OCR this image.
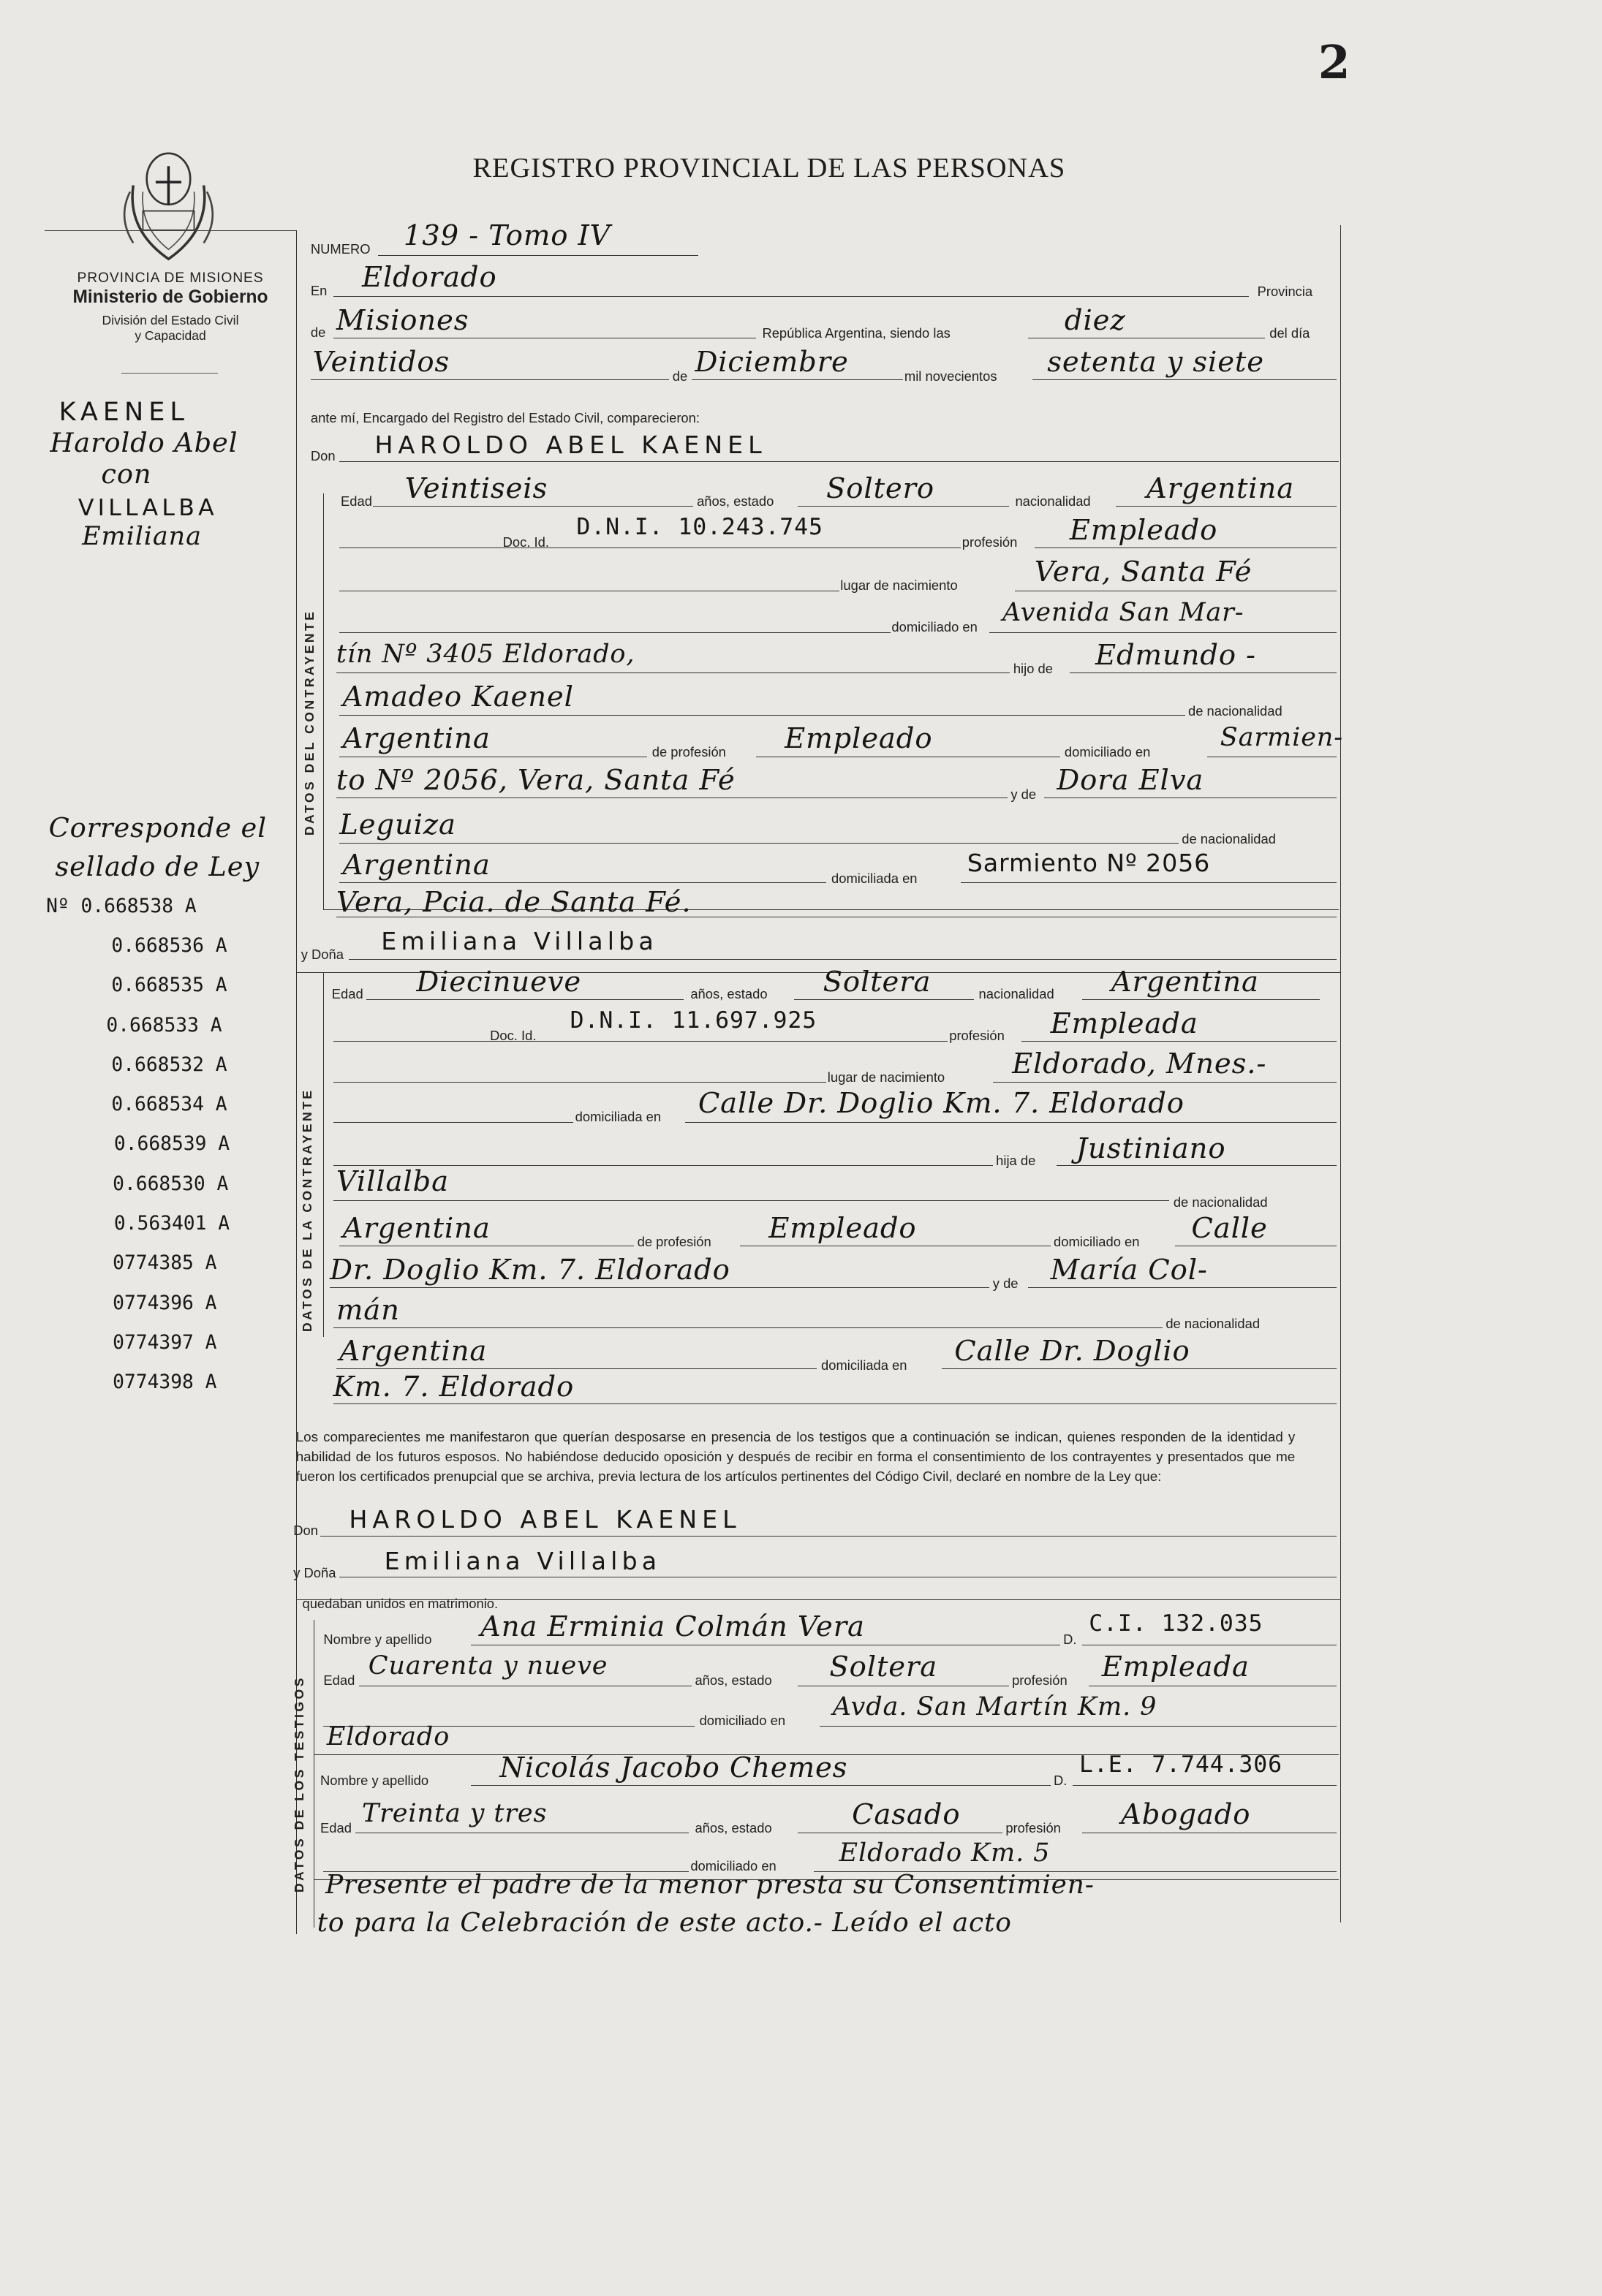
2
REGISTRO PROVINCIAL DE LAS PERSONAS
PROVINCIA DE MISIONES
Ministerio de Gobierno
División del Estado Civil
y Capacidad
KAENEL
Haroldo Abel
con
VILLALBA
Emiliana
Corresponde el
sellado de Ley
Nº 0.668538 A
0.668536 A
0.668535 A
0.668533 A
0.668532 A
0.668534 A
0.668539 A
0.668530 A
0.563401 A
0774385 A
0774396 A
0774397 A
0774398 A
DATOS DEL CONTRAYENTE
DATOS DE LA CONTRAYENTE
DATOS DE LOS TESTIGOS
NUMERO 139 - Tomo IV
En Eldorado	Provincia
de Misiones	República Argentina, siendo las	diez	del día
Veintidos	de Diciembre	mil novecientos setenta y siete
ante mí, Encargado del Registro del Estado Civil, comparecieron:
Don HAROLDO ABEL KAENEL
Edad Veintiseis	años, estado Soltero	nacionalidad Argentina
Doc. Id.
D.N.I. 10.243.745
profesión Empleado
lugar de nacimiento Vera, Santa Fé
domiciliado en Avenida San Mar-
tín Nº 3405 Eldorado,	hijo de Edmundo -
Amadeo Kaenel	de nacionalidad
Argentina	de profesión Empleado	domiciliado en Sarmien-
to Nº 2056, Vera, Santa Fé	y de Dora Elva
Leguiza	de nacionalidad
Argentina	domiciliada en
Sarmiento Nº 2056
Vera, Pcia. de Santa Fé.
y Doña Emiliana Villalba
Edad Diecinueve	años, estado Soltera	nacionalidad Argentina
Doc. Id.
D.N.I. 11.697.925
profesión Empleada
lugar de nacimiento Eldorado, Mnes.-
domiciliada en Calle Dr. Doglio Km. 7. Eldorado
hija de Justiniano
Villalba
de nacionalidad
Argentina	de profesión Empleado	domiciliado en Calle
Dr. Doglio Km. 7. Eldorado	y de María Col-
mán	de nacionalidad
Argentina	domiciliada en Calle Dr. Doglio
Km. 7. Eldorado
Los comparecientes me manifestaron que querían desposarse en presencia de los testigos que a continuación se indican, quienes responden de la identidad y habilidad de los futuros esposos. No habiéndose deducido oposición y después de recibir en forma el consentimiento de los contrayentes y presentados que me fueron los certificados prenupcial que se archiva, previa lectura de los artículos pertinentes del Código Civil, declaré en nombre de la Ley que:
Don HAROLDO ABEL KAENEL
y Doña Emiliana Villalba
quedaban unidos en matrimonio.
Nombre y apellido Ana Erminia Colmán Vera	D.
C.I. 132.035
Edad Cuarenta y nueve	años, estado Soltera	profesión Empleada
domiciliado en Avda. San Martín Km. 9
Eldorado
Nombre y apellido Nicolás Jacobo Chemes	D.
L.E. 7.744.306
Edad Treinta y tres	años, estado Casado	profesión Abogado
domiciliado en Eldorado Km. 5
Presente el padre de la menor presta su Consentimien-
to para la Celebración de este acto.- Leído el acto
